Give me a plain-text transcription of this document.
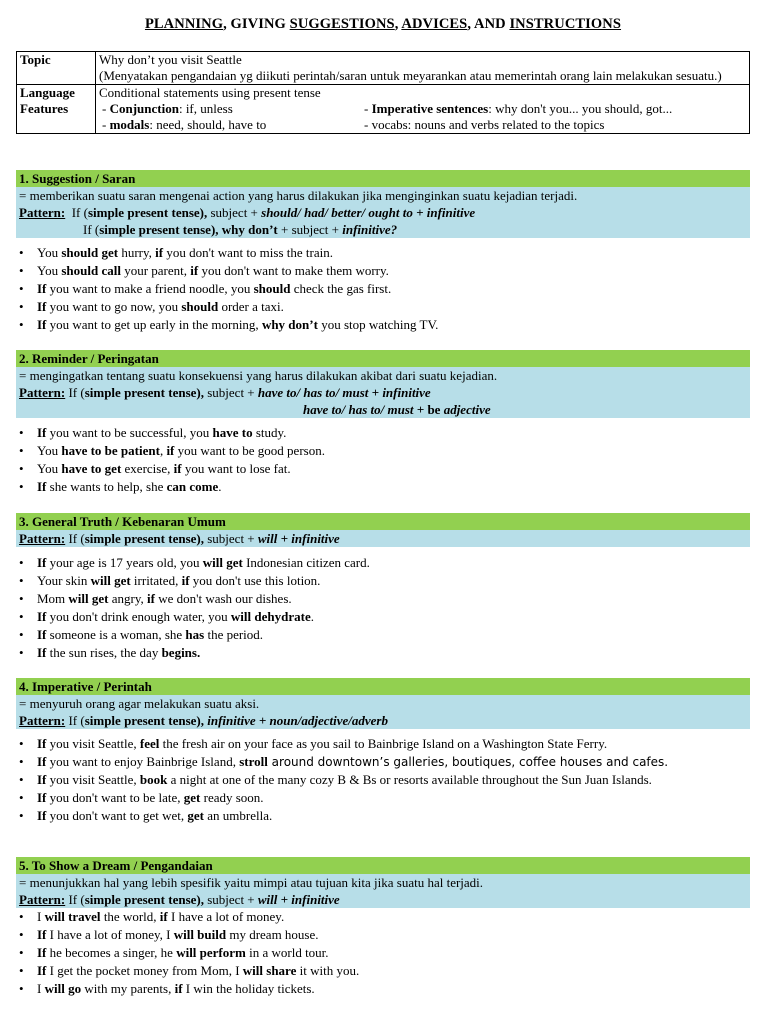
PLANNING, GIVING SUGGESTIONS, ADVICES, AND INSTRUCTIONS
Topic	Why don’t you visit Seattle
(Menyatakan pengandaian yg diikuti perintah/saran untuk meyarankan atau memerintah orang lain melakukan sesuatu.)

Language Features	Conditional statements using present tense
- Conjunction: if, unless - Imperative sentences: why don't you... you should, got...
- modals: need, should, have to - vocabs: nouns and verbs related to the topics
1. Suggestion / Saran
= memberikan suatu saran mengenai action yang harus dilakukan jika menginginkan suatu kejadian terjadi.
Pattern: If (simple present tense), subject + should/ had/ better/ ought to + infinitive
If (simple present tense), why don’t + subject + infinitive?
• You should get hurry, if you don't want to miss the train.
• You should call your parent, if you don't want to make them worry.
• If you want to make a friend noodle, you should check the gas first.
• If you want to go now, you should order a taxi.
• If you want to get up early in the morning, why don’t you stop watching TV.
2. Reminder / Peringatan
= mengingatkan tentang suatu konsekuensi yang harus dilakukan akibat dari suatu kejadian.
Pattern: If (simple present tense), subject + have to/ has to/ must + infinitive
have to/ has to/ must + be adjective
• If you want to be successful, you have to study.
• You have to be patient, if you want to be good person.
• You have to get exercise, if you want to lose fat.
• If she wants to help, she can come.
3. General Truth / Kebenaran Umum
Pattern: If (simple present tense), subject + will + infinitive
• If your age is 17 years old, you will get Indonesian citizen card.
• Your skin will get irritated, if you don't use this lotion.
• Mom will get angry, if we don't wash our dishes.
• If you don't drink enough water, you will dehydrate.
• If someone is a woman, she has the period.
• If the sun rises, the day begins.
4. Imperative / Perintah
= menyuruh orang agar melakukan suatu aksi.
Pattern: If (simple present tense), infinitive + noun/adjective/adverb
• If you visit Seattle, feel the fresh air on your face as you sail to Bainbrige Island on a Washington State Ferry.
• If you want to enjoy Bainbrige Island, stroll around downtown’s galleries, boutiques, coffee houses and cafes.
• If you visit Seattle, book a night at one of the many cozy B & Bs or resorts available throughout the Sun Juan Islands.
• If you don't want to be late, get ready soon.
• If you don't want to get wet, get an umbrella.
5. To Show a Dream / Pengandaian
= menunjukkan hal yang lebih spesifik yaitu mimpi atau tujuan kita jika suatu hal terjadi.
Pattern: If (simple present tense), subject + will + infinitive
• I will travel the world, if I have a lot of money.
• If I have a lot of money, I will build my dream house.
• If he becomes a singer, he will perform in a world tour.
• If I get the pocket money from Mom, I will share it with you.
• I will go with my parents, if I win the holiday tickets.
